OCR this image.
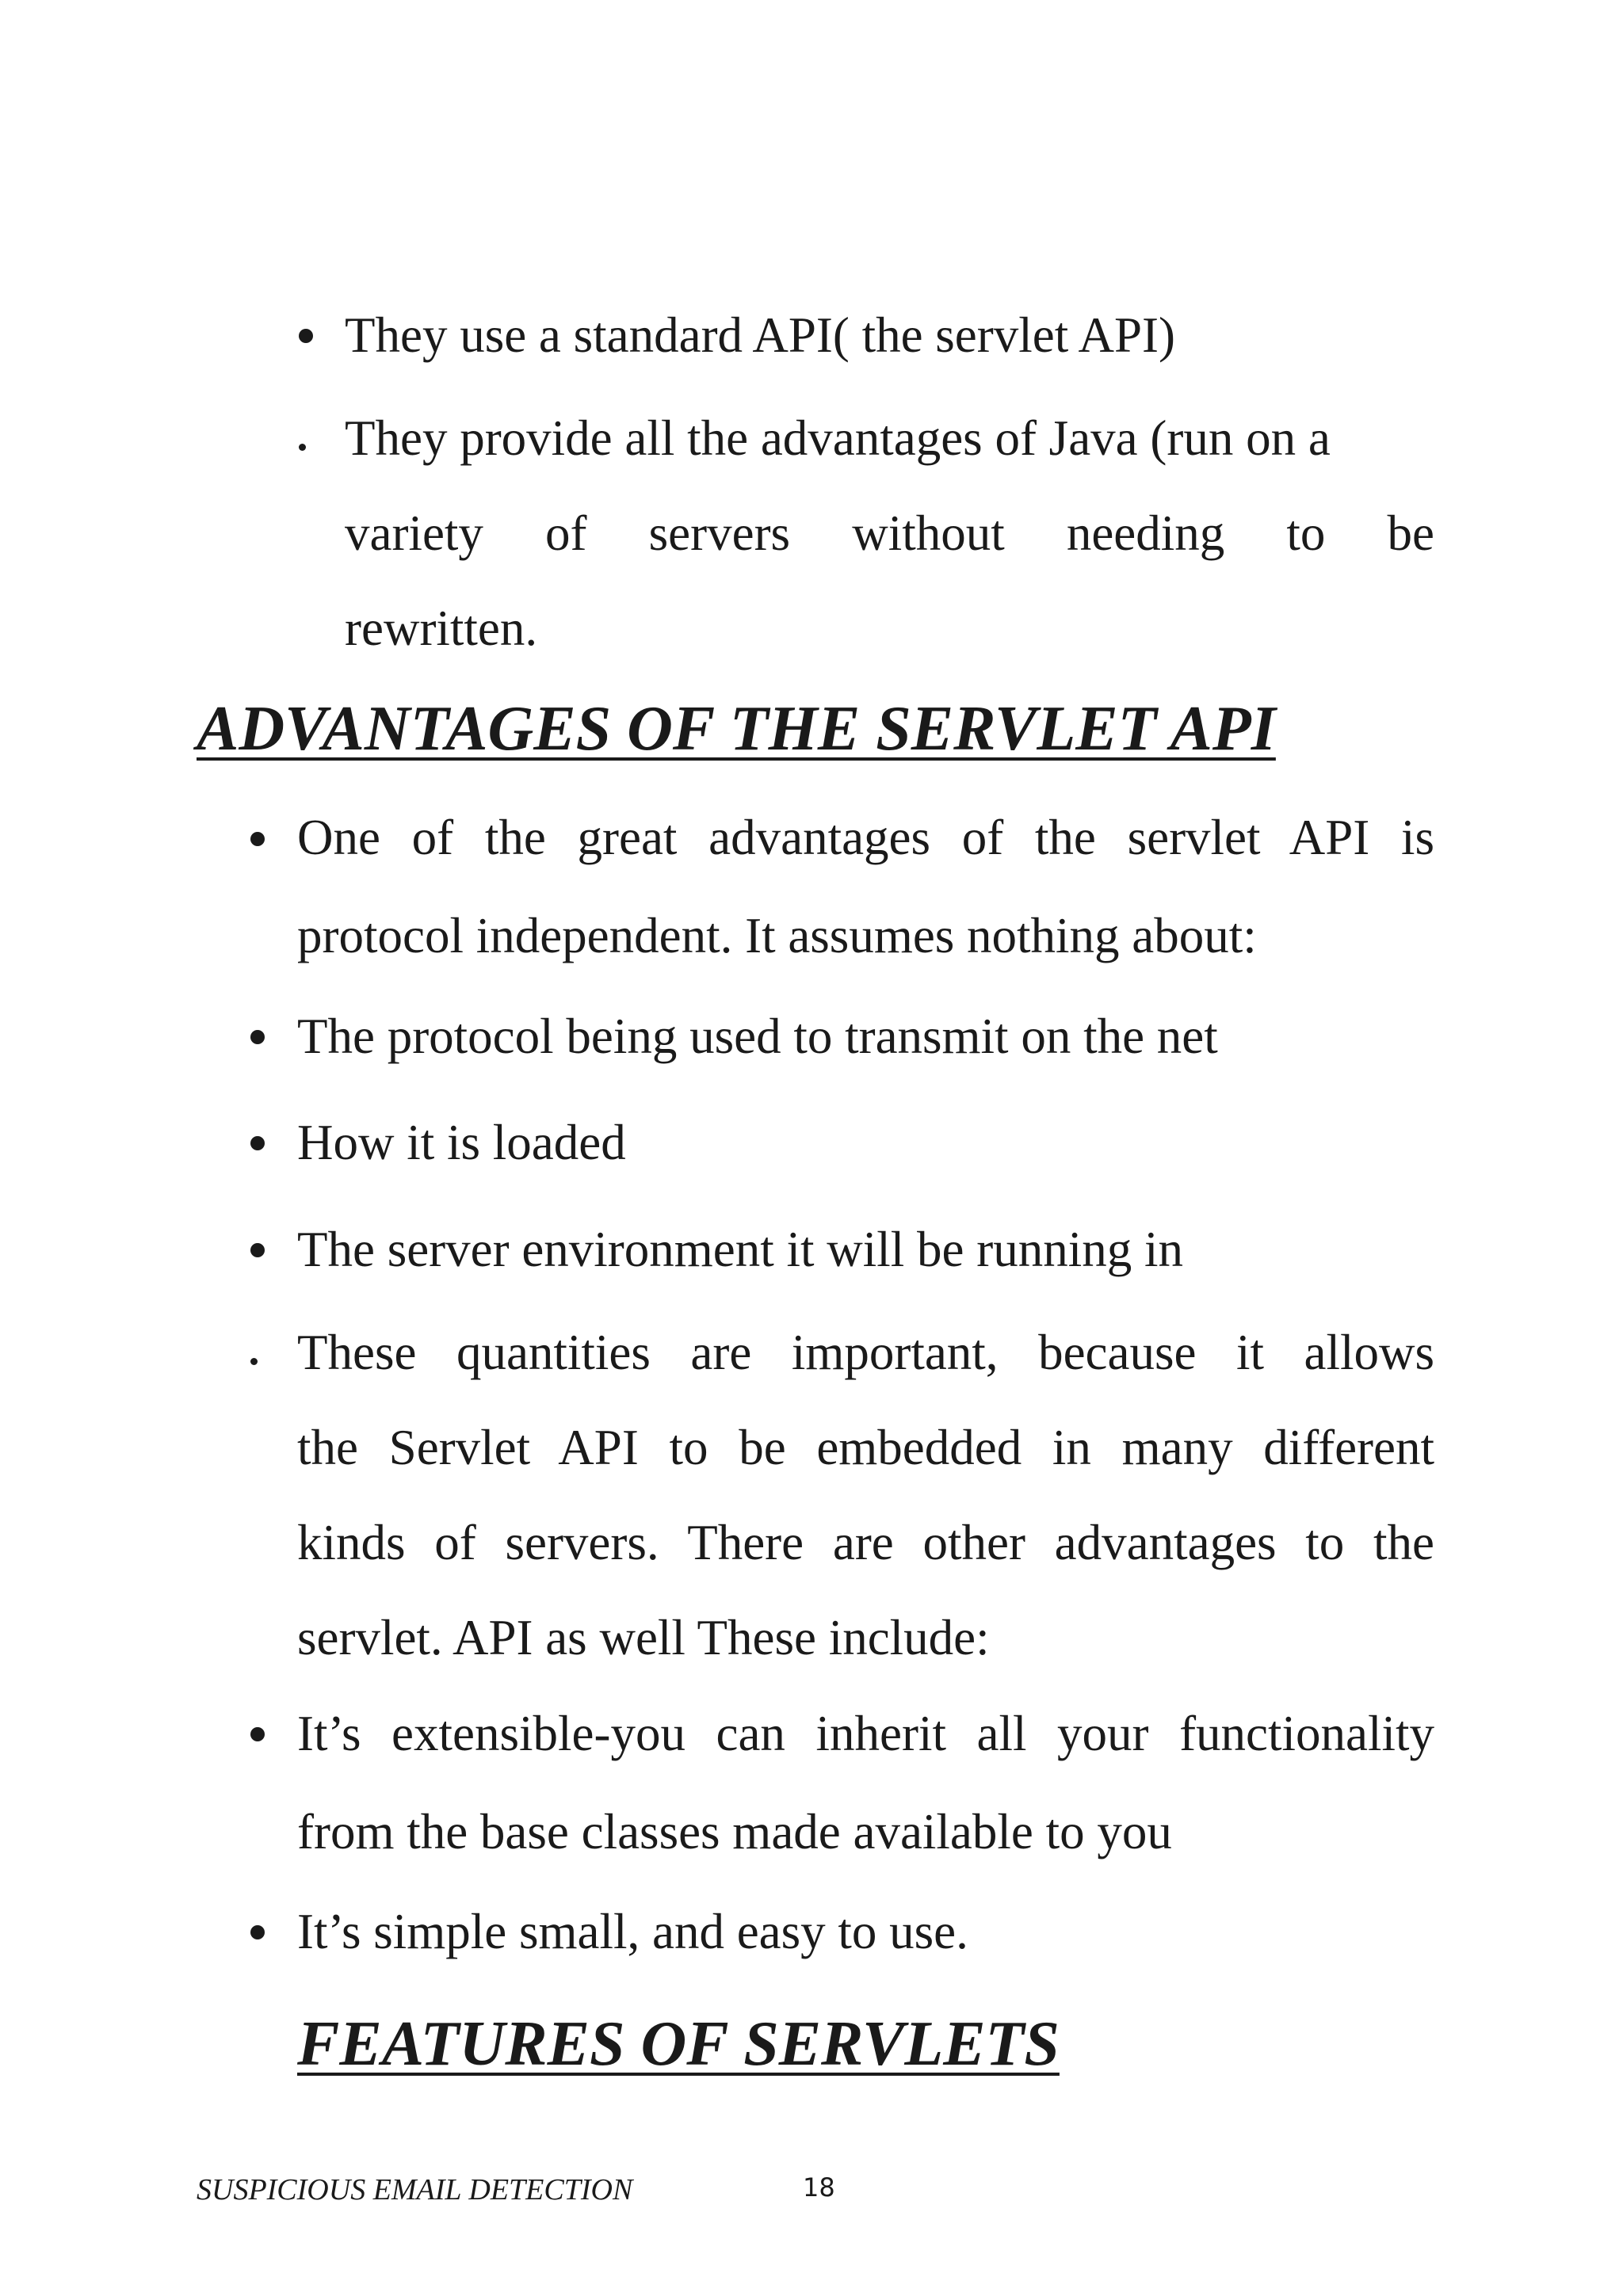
They use a standard API( the servlet API)
They provide all the advantages of Java (run on a
variety of servers without needing to be
rewritten.
ADVANTAGES OF THE SERVLET API
One of the great advantages of the servlet API is
protocol independent. It assumes nothing about:
The protocol being used to transmit on the net
How it is loaded
The server environment it will be running in
These quantities are important, because it allows
the Servlet API to be embedded in many different
kinds of servers. There are other advantages to the
servlet. API as well These include:
It’s extensible-you can inherit all your functionality
from the base classes made available to you
It’s simple small, and easy to use.
FEATURES OF SERVLETS
SUSPICIOUS EMAIL DETECTION	18
